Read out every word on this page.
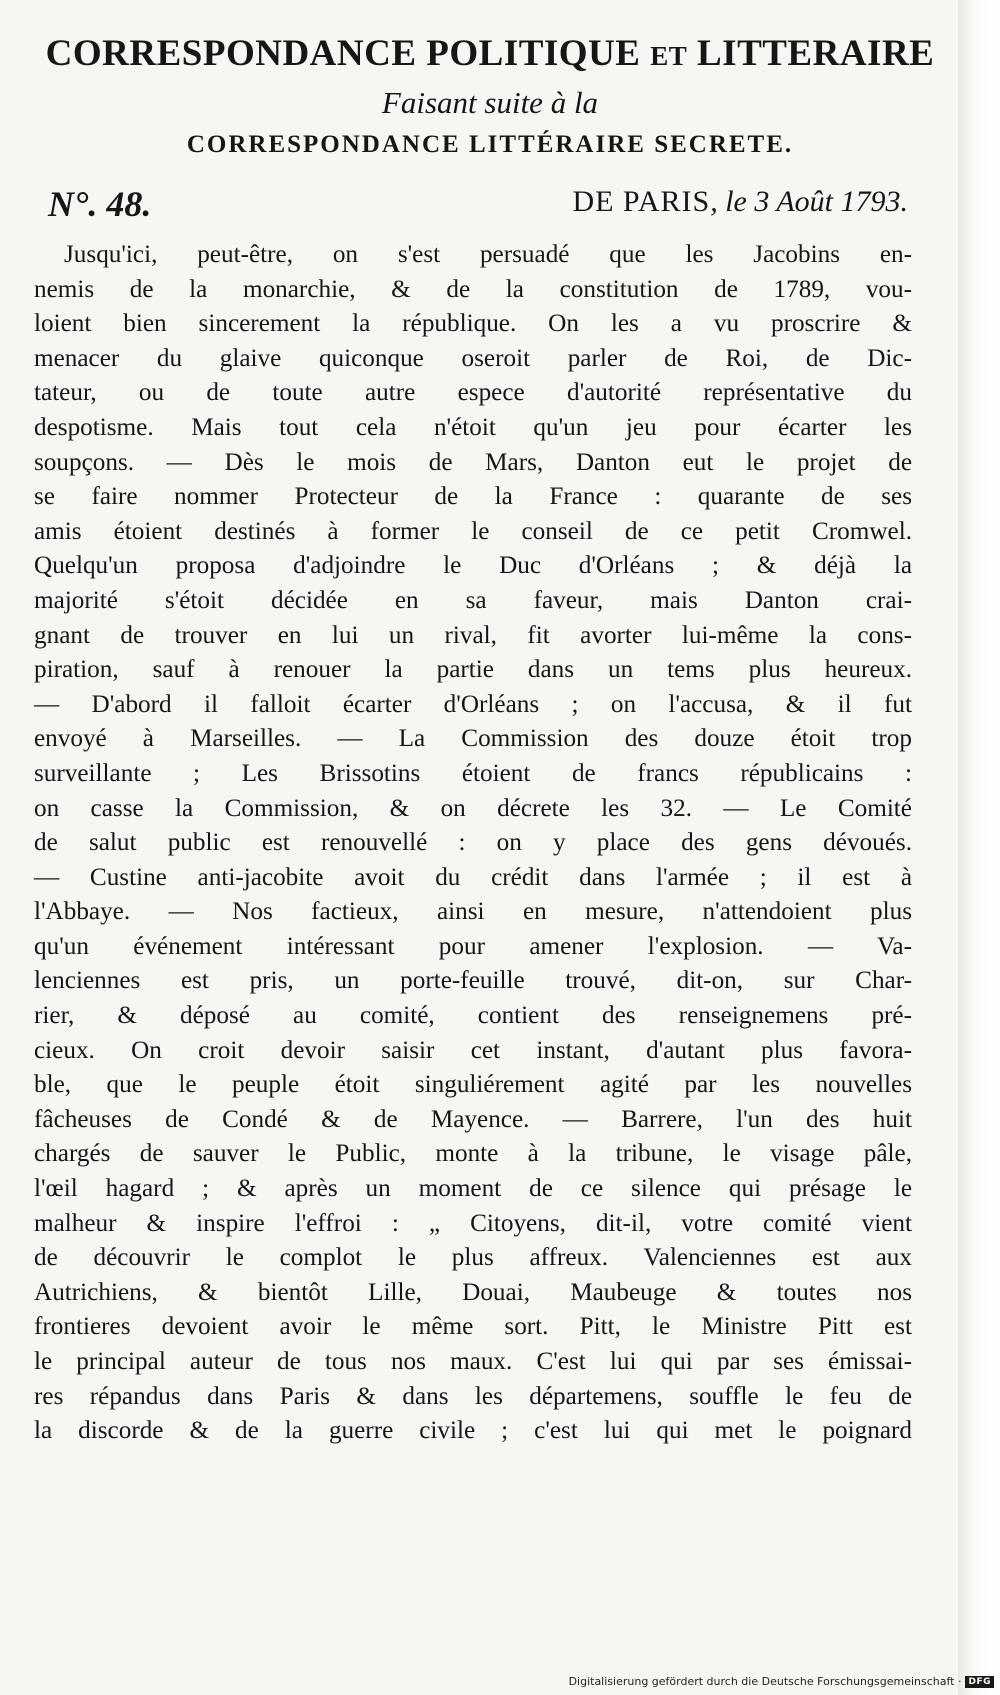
CORRESPONDANCE POLITIQUE ET LITTERAIRE

Faisant suite à la

CORRESPONDANCE LITTÉRAIRE SECRETE.

N°. 48.	DE PARIS, le 3 Août 1793.
Jusqu'ici, peut-être, on s'est persuadé que les Jacobins en-
nemis de la monarchie, & de la constitution de 1789, vou-
loient bien sincerement la république. On les a vu proscrire &
menacer du glaive quiconque oseroit parler de Roi, de Dic-
tateur, ou de toute autre espece d'autorité représentative du
despotisme. Mais tout cela n'étoit qu'un jeu pour écarter les
soupçons. — Dès le mois de Mars, Danton eut le projet de
se faire nommer Protecteur de la France : quarante de ses
amis étoient destinés à former le conseil de ce petit Cromwel.
Quelqu'un proposa d'adjoindre le Duc d'Orléans ; & déjà la
majorité s'étoit décidée en sa faveur, mais Danton crai-
gnant de trouver en lui un rival, fit avorter lui-même la cons-
piration, sauf à renouer la partie dans un tems plus heureux.
— D'abord il falloit écarter d'Orléans ; on l'accusa, & il fut
envoyé à Marseilles. — La Commission des douze étoit trop
surveillante ; Les Brissotins étoient de francs républicains :
on casse la Commission, & on décrete les 32. — Le Comité
de salut public est renouvellé : on y place des gens dévoués.
— Custine anti-jacobite avoit du crédit dans l'armée ; il est à
l'Abbaye. — Nos factieux, ainsi en mesure, n'attendoient plus
qu'un événement intéressant pour amener l'explosion. — Va-
lenciennes est pris, un porte-feuille trouvé, dit-on, sur Char-
rier, & déposé au comité, contient des renseignemens pré-
cieux. On croit devoir saisir cet instant, d'autant plus favora-
ble, que le peuple étoit singuliérement agité par les nouvelles
fâcheuses de Condé & de Mayence. — Barrere, l'un des huit
chargés de sauver le Public, monte à la tribune, le visage pâle,
l'œil hagard ; & après un moment de ce silence qui présage le
malheur & inspire l'effroi : „ Citoyens, dit-il, votre comité vient
de découvrir le complot le plus affreux. Valenciennes est aux
Autrichiens, & bientôt Lille, Douai, Maubeuge & toutes nos
frontieres devoient avoir le même sort. Pitt, le Ministre Pitt est
le principal auteur de tous nos maux. C'est lui qui par ses émissai-
res répandus dans Paris & dans les départemens, souffle le feu de
la discorde & de la guerre civile ; c'est lui qui met le poignard
Digitalisierung gefördert durch die Deutsche Forschungsgemeinschaft · DFG
